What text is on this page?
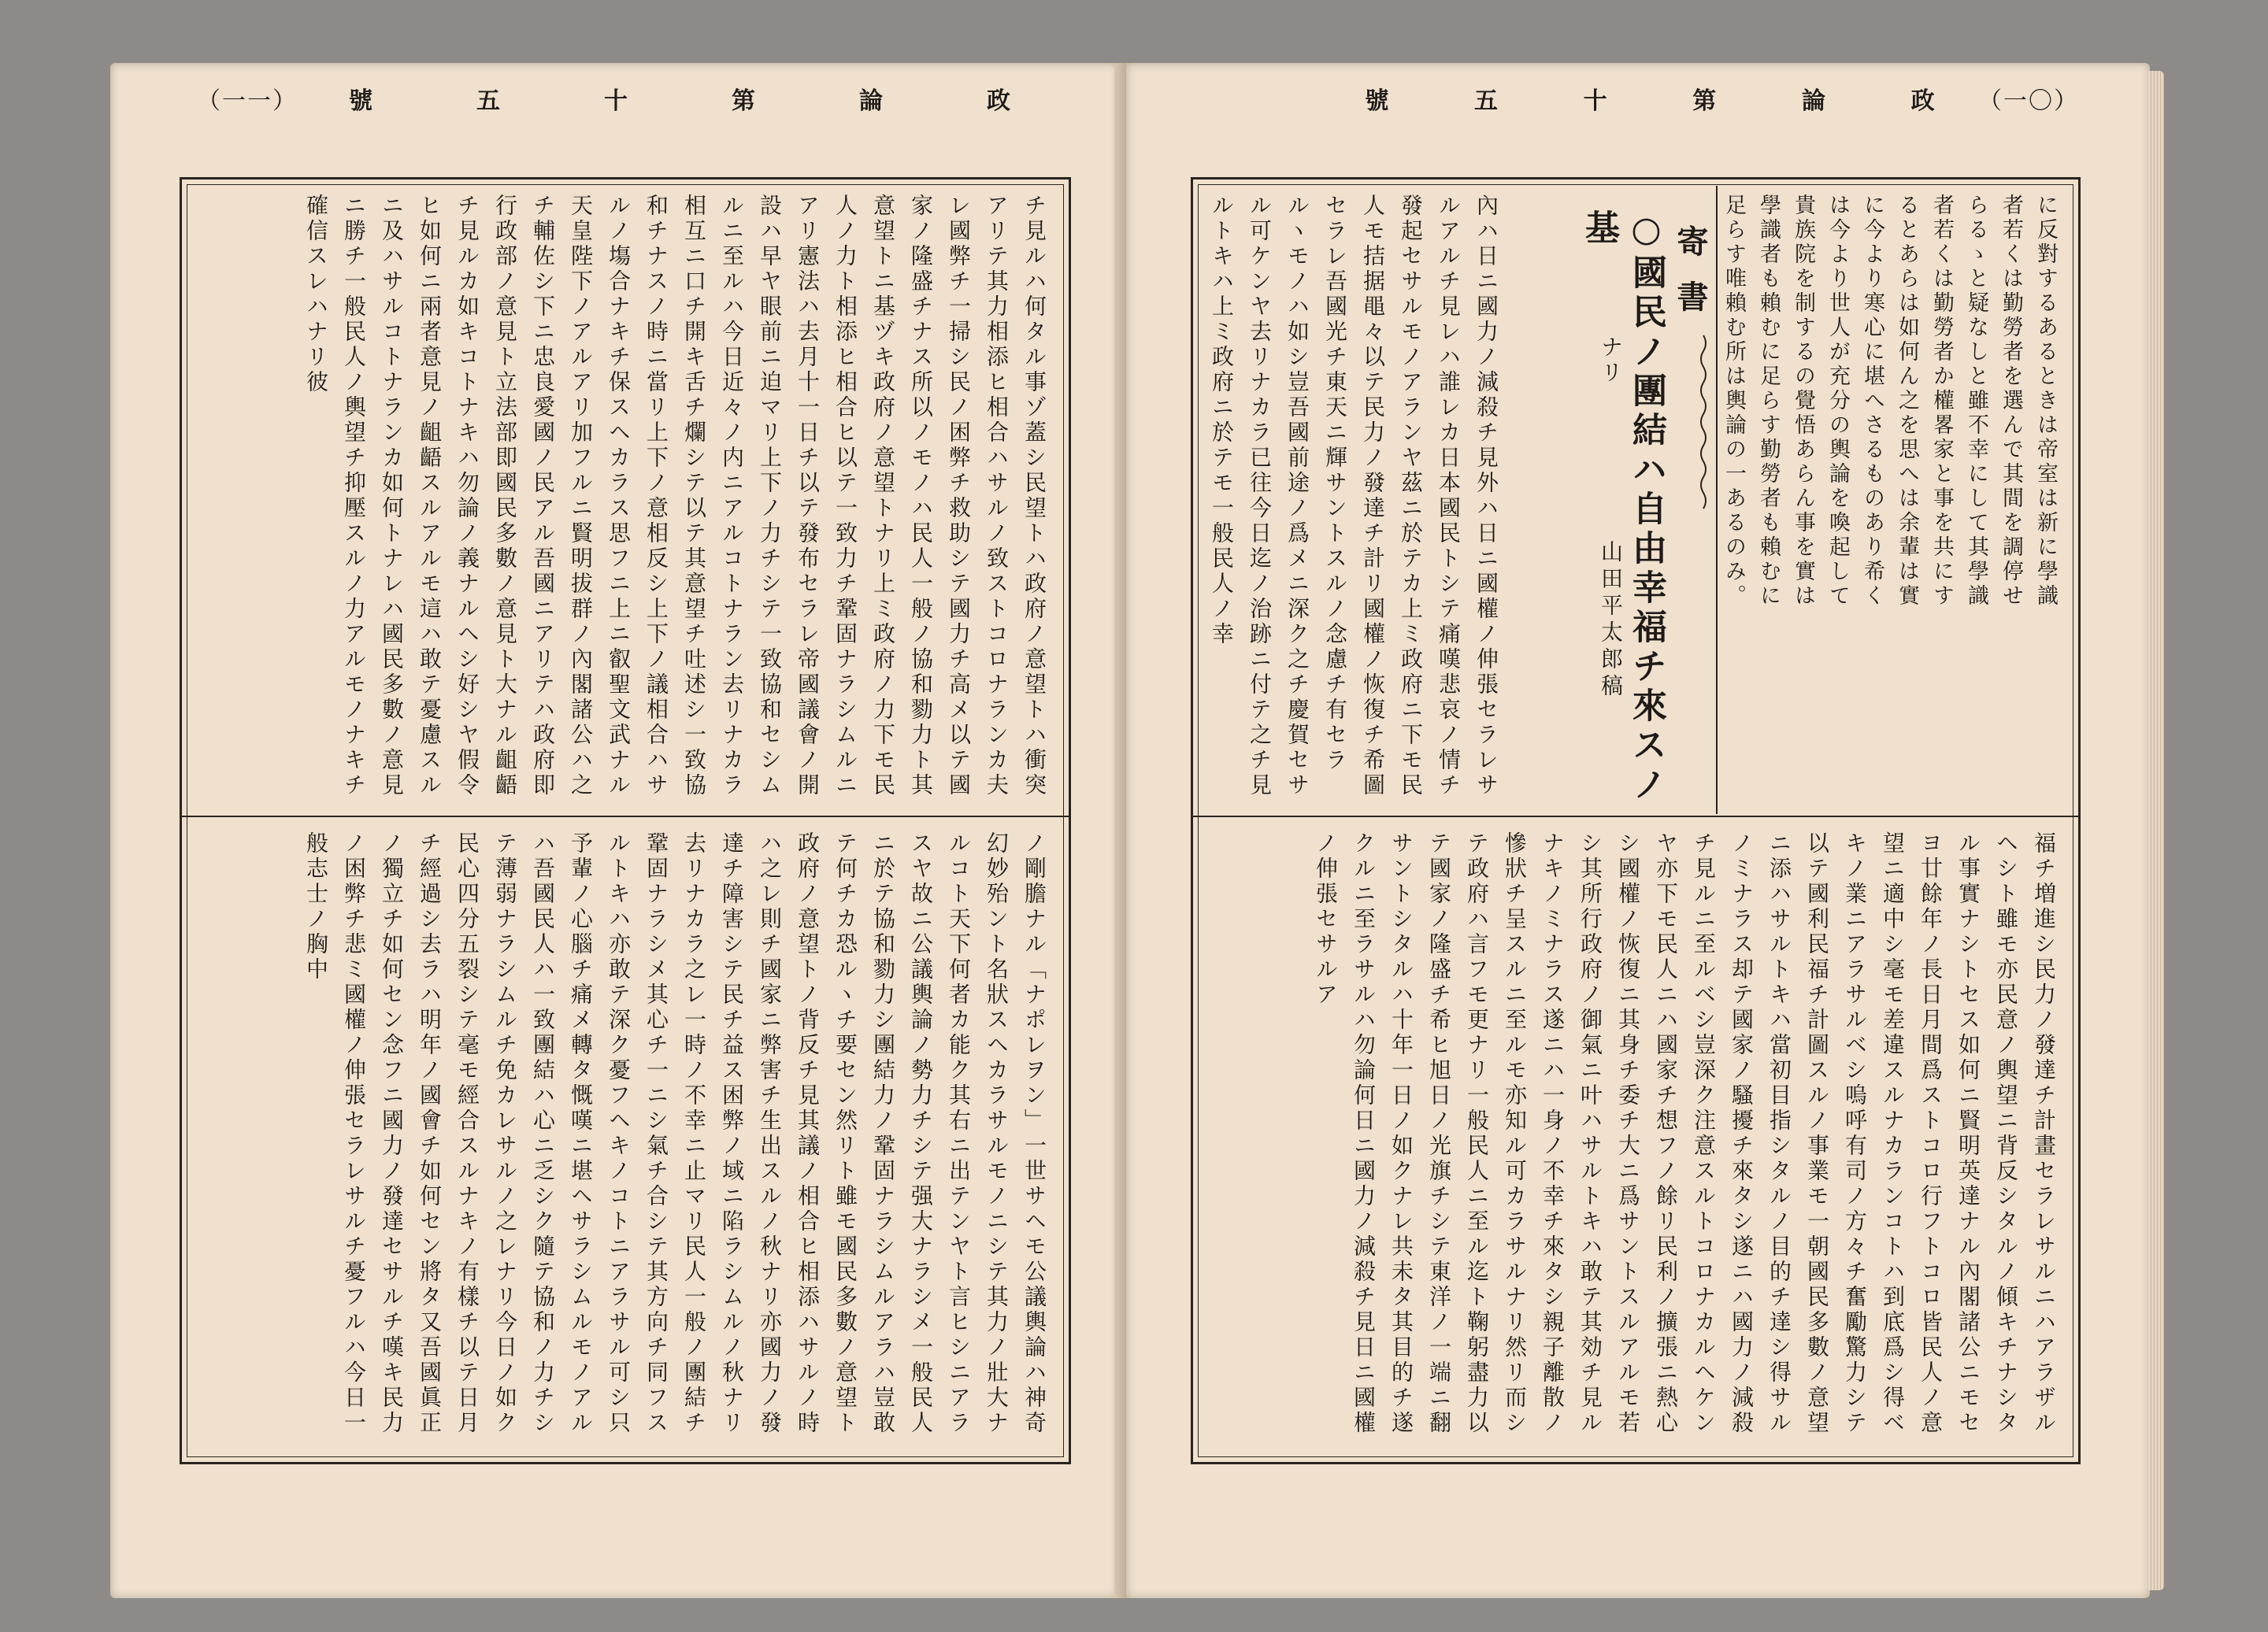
（一一） 號	五	十	第	論	政
チ見ルハ何タル事ゾ蓋シ民望トハ政府ノ意望トハ衝突アリテ其力相添ヒ相合ハサルノ致ストコロナランカ夫レ國弊チ一掃シ民ノ困弊チ救助シテ國力チ高メ以テ國家ノ隆盛チナス所以ノモノハ民人一般ノ協和勠力ト其意望トニ基ヅキ政府ノ意望トナリ上ミ政府ノ力下モ民人ノ力ト相添ヒ相合ヒ以テ一致力チ鞏固ナラシムルニアリ憲法ハ去月十一日チ以テ發布セラレ帝國議會ノ開設ハ早ヤ眼前ニ迫マリ上下ノ力チシテ一致協和セシムルニ至ルハ今日近々ノ内ニアルコトナラン去リナカラ相互ニ口チ開キ舌チ爛シテ以テ其意望チ吐述シ一致協和チナスノ時ニ當リ上下ノ意相反シ上下ノ議相合ハサルノ塲合ナキチ保スヘカラス思フニ上ニ叡聖文武ナル天皇陛下ノアルアリ加フルニ賢明拔群ノ內閣諸公ハ之チ輔佐シ下ニ忠良愛國ノ民アル吾國ニアリテハ政府即行政部ノ意見ト立法部即國民多數ノ意見ト大ナル齟齬チ見ルカ如キコトナキハ勿論ノ義ナルヘシ好シヤ假令ヒ如何ニ兩者意見ノ齟齬スルアルモ這ハ敢テ憂慮スルニ及ハサルコトナランカ如何トナレハ國民多數ノ意見ニ勝チ一般民人ノ輿望チ抑壓スルノ力アルモノナキチ確信スレハナリ彼
ノ剛膽ナル「ナポレヲン」一世サヘモ公議輿論ハ神奇幻妙殆ント名狀スヘカラサルモノニシテ其力ノ壯大ナルコト天下何者カ能ク其右ニ出テンヤト言ヒシニアラスヤ故ニ公議輿論ノ勢力チシテ强大ナラシメ一般民人ニ於テ協和勠力シ團結力ノ鞏固ナラシムルアラハ豈敢テ何チカ恐ルヽチ要セン然リト雖モ國民多數ノ意望ト政府ノ意望トノ背反チ見其議ノ相合ヒ相添ハサルノ時ハ之レ則チ國家ニ弊害チ生出スルノ秋ナリ亦國力ノ發達チ障害シテ民チ益ス困弊ノ域ニ陷ラシムルノ秋ナリ去リナカラ之レ一時ノ不幸ニ止マリ民人一般ノ團結チ鞏固ナラシメ其心チ一ニシ氣チ合シテ其方向チ同フスルトキハ亦敢テ深ク憂フヘキノコトニアラサル可シ只予輩ノ心腦チ痛メ轉タ慨嘆ニ堪ヘサラシムルモノアルハ吾國民人ハ一致團結ハ心ニ乏シク隨テ協和ノ力チシテ薄弱ナラシムルチ免カレサルノ之レナリ今日ノ如ク民心四分五裂シテ毫モ經合スルナキノ有樣チ以テ日月チ經過シ去ラハ明年ノ國會チ如何セン將タ又吾國眞正ノ獨立チ如何セン念フニ國力ノ發達セサルチ嘆キ民力ノ困弊チ悲ミ國權ノ伸張セラレサルチ憂フルハ今日一般志士ノ胸中
號	五	十	第	論	政 （一〇）
に反對するあるときは帝室は新に學識者若くは勤勞者を選んで其間を調停せらるゝと疑なしと雖不幸にして其學識者若くは勤勞者か權畧家と事を共にするとあらは如何ん之を思へは余輩は實に今より寒心に堪へさるものあり希くは今より世人が充分の輿論を喚起して貴族院を制するの覺悟あらん事を實は學識者も賴むに足らす勤勞者も賴むに足らす唯賴む所は輿論の一あるのみ。
寄書
○國民ノ團結ハ自由幸福チ來スノ基
ナリ
山田平太郎稿
內ハ日ニ國力ノ減殺チ見外ハ日ニ國權ノ伸張セラレサルアルチ見レハ誰レカ日本國民トシテ痛嘆悲哀ノ情チ發起セサルモノアランヤ茲ニ於テカ上ミ政府ニ下モ民人モ拮据黽々以テ民力ノ發達チ計リ國權ノ恢復チ希圖セラレ吾國光チ東天ニ輝サントスルノ念慮チ有セラルヽモノハ如シ豈吾國前途ノ爲メニ深ク之チ慶賀セサル可ケンヤ去リナカラ已往今日迄ノ治跡ニ付テ之チ見ルトキハ上ミ政府ニ於テモ一般民人ノ幸
福チ増進シ民力ノ發達チ計畫セラレサルニハアラザルヘシト雖モ亦民意ノ輿望ニ背反シタルノ傾キチナシタル事實ナシトセス如何ニ賢明英達ナル內閣諸公ニモセヨ廿餘年ノ長日月間爲ストコロ行フトコロ皆民人ノ意望ニ適中シ毫モ差違スルナカランコトハ到底爲シ得ベキノ業ニアラサルベシ嗚呼有司ノ方々チ奮勵驚力シテ以テ國利民福チ計圖スルノ事業モ一朝國民多數ノ意望ニ添ハサルトキハ當初目指シタルノ目的チ達シ得サルノミナラス却テ國家ノ騷擾チ來タシ遂ニハ國力ノ減殺チ見ルニ至ルベシ豈深ク注意スルトコロナカルヘケンヤ亦下モ民人ニハ國家チ想フノ餘リ民利ノ擴張ニ熱心シ國權ノ恢復ニ其身チ委チ大ニ爲サントスルアルモ若シ其所行政府ノ御氣ニ叶ハサルトキハ敢テ其効チ見ルナキノミナラス遂ニハ一身ノ不幸チ來タシ親子離散ノ慘狀チ呈スルニ至ルモ亦知ル可カラサルナリ然リ而シテ政府ハ言フモ更ナリ一般民人ニ至ル迄ト鞠躬盡力以テ國家ノ隆盛チ希ヒ旭日ノ光旗チシテ東洋ノ一端ニ翻サントシタルハ十年一日ノ如クナレ共未タ其目的チ遂クルニ至ラサルハ勿論何日ニ國力ノ減殺チ見日ニ國權ノ伸張セサルア
